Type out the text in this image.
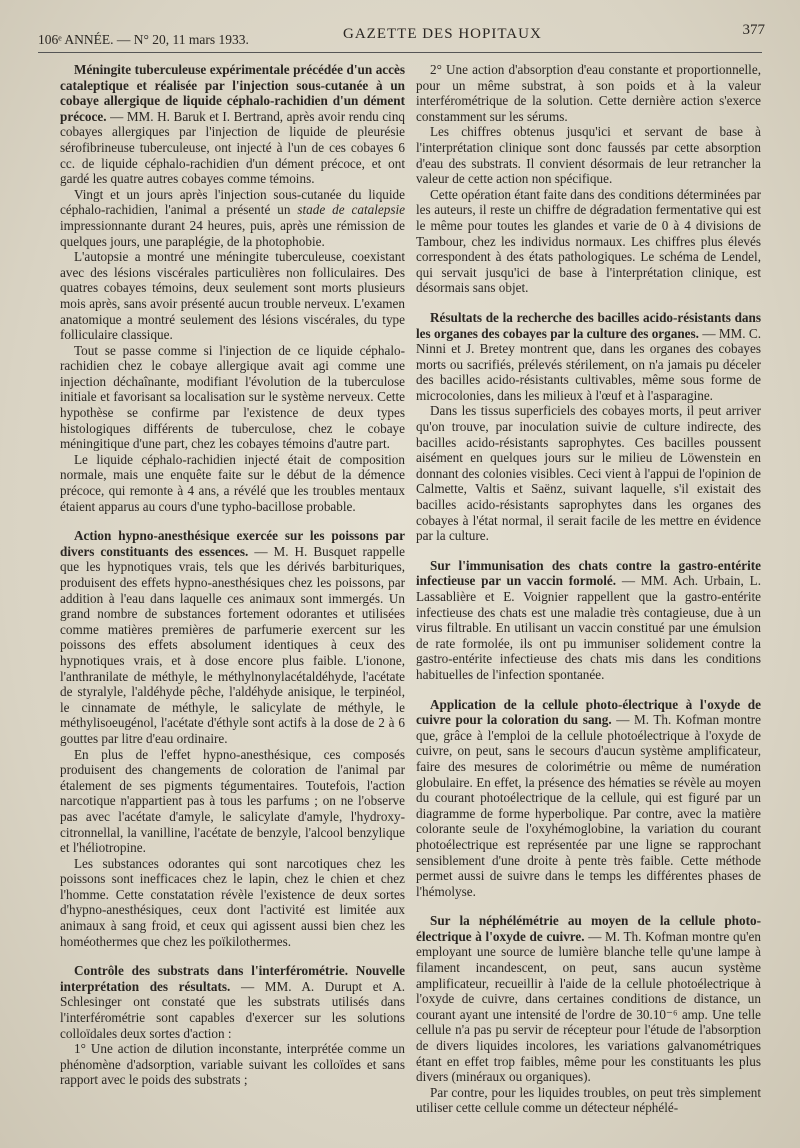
106ᵉ ANNÉE. — N° 20, 11 mars 1933.	GAZETTE DES HOPITAUX	377

Méningite tuberculeuse expérimentale précédée d'un accès cataleptique et réalisée par l'injection sous-cutanée à un cobaye allergique de liquide céphalo-rachidien d'un dément précoce. — MM. H. Baruk et I. Bertrand, après avoir rendu cinq cobayes allergiques par l'injection de liquide de pleurésie sérofibrineuse tuberculeuse, ont injecté à l'un de ces cobayes 6 cc. de liquide céphalo-rachidien d'un dément précoce, et ont gardé les quatre autres cobayes comme témoins.

Vingt et un jours après l'injection sous-cutanée du liquide céphalo-rachidien, l'animal a présenté un stade de catalepsie impressionnante durant 24 heures, puis, après une rémission de quelques jours, une paraplégie, de la photophobie.

L'autopsie a montré une méningite tuberculeuse, coexistant avec des lésions viscérales particulières non folliculaires. Des quatres cobayes témoins, deux seulement sont morts plusieurs mois après, sans avoir présenté aucun trouble nerveux. L'examen anatomique a montré seulement des lésions viscérales, du type folliculaire classique.

Tout se passe comme si l'injection de ce liquide céphalo-rachidien chez le cobaye allergique avait agi comme une injection déchaînante, modifiant l'évolution de la tuberculose initiale et favorisant sa localisation sur le système nerveux. Cette hypothèse se confirme par l'existence de deux types histologiques différents de tuberculose, chez le cobaye méningitique d'une part, chez les cobayes témoins d'autre part.

Le liquide céphalo-rachidien injecté était de composition normale, mais une enquête faite sur le début de la démence précoce, qui remonte à 4 ans, a révélé que les troubles mentaux étaient apparus au cours d'une typho-bacillose probable.

Action hypno-anesthésique exercée sur les poissons par divers constituants des essences. — M. H. Busquet rappelle que les hypnotiques vrais, tels que les dérivés barbituriques, produisent des effets hypno-anesthésiques chez les poissons, par addition à l'eau dans laquelle ces animaux sont immergés. Un grand nombre de substances fortement odorantes et utilisées comme matières premières de parfumerie exercent sur les poissons des effets absolument identiques à ceux des hypnotiques vrais, et à dose encore plus faible. L'ionone, l'anthranilate de méthyle, le méthylnonylacétaldéhyde, l'acétate de styralyle, l'aldéhyde pêche, l'aldéhyde anisique, le terpinéol, le cinnamate de méthyle, le salicylate de méthyle, le méthylisoeugénol, l'acétate d'éthyle sont actifs à la dose de 2 à 6 gouttes par litre d'eau ordinaire.

En plus de l'effet hypno-anesthésique, ces composés produisent des changements de coloration de l'animal par étalement de ses pigments tégumentaires. Toutefois, l'action narcotique n'appartient pas à tous les parfums ; on ne l'observe pas avec l'acétate d'amyle, le salicylate d'amyle, l'hydroxy-citronnellal, la vanilline, l'acétate de benzyle, l'alcool benzylique et l'héliotropine.

Les substances odorantes qui sont narcotiques chez les poissons sont inefficaces chez le lapin, chez le chien et chez l'homme. Cette constatation révèle l'existence de deux sortes d'hypno-anesthésiques, ceux dont l'activité est limitée aux animaux à sang froid, et ceux qui agissent aussi bien chez les homéothermes que chez les poïkilothermes.

Contrôle des substrats dans l'interférométrie. Nouvelle interprétation des résultats. — MM. A. Durupt et A. Schlesinger ont constaté que les substrats utilisés dans l'interférométrie sont capables d'exercer sur les solutions colloïdales deux sortes d'action :

1° Une action de dilution inconstante, interprétée comme un phénomène d'adsorption, variable suivant les colloïdes et sans rapport avec le poids des substrats ;

2° Une action d'absorption d'eau constante et proportionnelle, pour un même substrat, à son poids et à la valeur interférométrique de la solution. Cette dernière action s'exerce constamment sur les sérums.

Les chiffres obtenus jusqu'ici et servant de base à l'interprétation clinique sont donc faussés par cette absorption d'eau des substrats. Il convient désormais de leur retrancher la valeur de cette action non spécifique.

Cette opération étant faite dans des conditions déterminées par les auteurs, il reste un chiffre de dégradation fermentative qui est le même pour toutes les glandes et varie de 0 à 4 divisions de Tambour, chez les individus normaux. Les chiffres plus élevés correspondent à des états pathologiques. Le schéma de Lendel, qui servait jusqu'ici de base à l'interprétation clinique, est désormais sans objet.

Résultats de la recherche des bacilles acido-résistants dans les organes des cobayes par la culture des organes. — MM. C. Ninni et J. Bretey montrent que, dans les organes des cobayes morts ou sacrifiés, prélevés stérilement, on n'a jamais pu déceler des bacilles acido-résistants cultivables, même sous forme de microcolonies, dans les milieux à l'œuf et à l'asparagine.

Dans les tissus superficiels des cobayes morts, il peut arriver qu'on trouve, par inoculation suivie de culture indirecte, des bacilles acido-résistants saprophytes. Ces bacilles poussent aisément en quelques jours sur le milieu de Löwenstein en donnant des colonies visibles. Ceci vient à l'appui de l'opinion de Calmette, Valtis et Saënz, suivant laquelle, s'il existait des bacilles acido-résistants saprophytes dans les organes des cobayes à l'état normal, il serait facile de les mettre en évidence par la culture.

Sur l'immunisation des chats contre la gastro-entérite infectieuse par un vaccin formolé. — MM. Ach. Urbain, L. Lassablière et E. Voignier rappellent que la gastro-entérite infectieuse des chats est une maladie très contagieuse, due à un virus filtrable. En utilisant un vaccin constitué par une émulsion de rate formolée, ils ont pu immuniser solidement contre la gastro-entérite infectieuse des chats mis dans les conditions habituelles de l'infection spontanée.

Application de la cellule photo-électrique à l'oxyde de cuivre pour la coloration du sang. — M. Th. Kofman montre que, grâce à l'emploi de la cellule photoélectrique à l'oxyde de cuivre, on peut, sans le secours d'aucun système amplificateur, faire des mesures de colorimétrie ou même de numération globulaire. En effet, la présence des hématies se révèle au moyen du courant photoélectrique de la cellule, qui est figuré par un diagramme de forme hyperbolique. Par contre, avec la matière colorante seule de l'oxyhémoglobine, la variation du courant photoélectrique est représentée par une ligne se rapprochant sensiblement d'une droite à pente très faible. Cette méthode permet aussi de suivre dans le temps les différentes phases de l'hémolyse.

Sur la néphélémétrie au moyen de la cellule photo-électrique à l'oxyde de cuivre. — M. Th. Kofman montre qu'en employant une source de lumière blanche telle qu'une lampe à filament incandescent, on peut, sans aucun système amplificateur, recueillir à l'aide de la cellule photoélectrique à l'oxyde de cuivre, dans certaines conditions de distance, un courant ayant une intensité de l'ordre de 30.10⁻⁶ amp. Une telle cellule n'a pas pu servir de récepteur pour l'étude de l'absorption de divers liquides incolores, les variations galvanométriques étant en effet trop faibles, même pour les constituants les plus divers (minéraux ou organiques).

Par contre, pour les liquides troubles, on peut très simplement utiliser cette cellule comme un détecteur néphélé-
